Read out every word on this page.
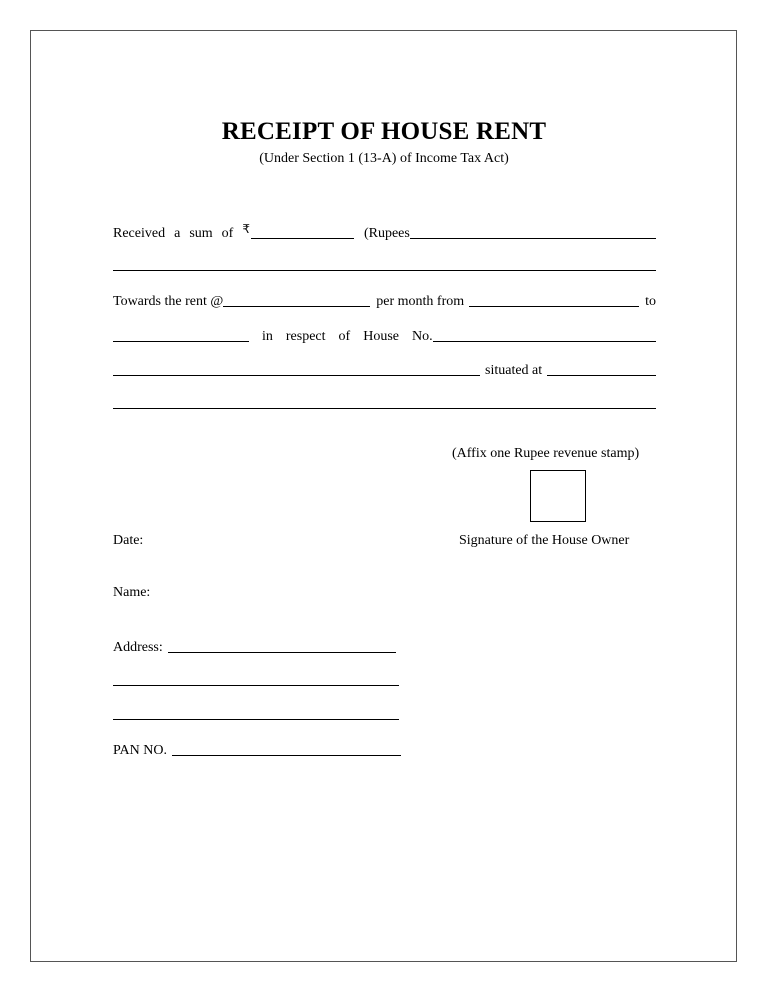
RECEIPT OF HOUSE RENT
(Under Section 1 (13-A) of Income Tax Act)
Received a sum of ₹	(Rupees
Towards the rent @	per month from	to
in respect of House No.
situated at
(Affix one Rupee revenue stamp)
Date:	Signature of the House Owner
Name:
Address:
PAN NO.
